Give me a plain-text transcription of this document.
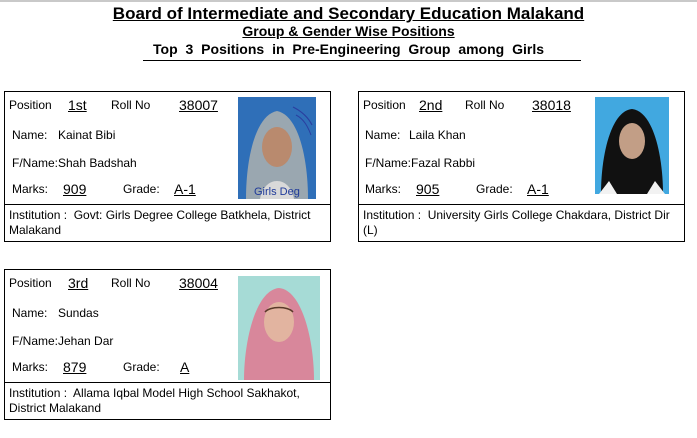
Board of Intermediate and Secondary Education Malakand
Group & Gender Wise Positions
Top 3 Positions in Pre-Engineering Group among Girls
Position 1st Roll No 38007
Name: Kainat Bibi
F/Name: Shah Badshah
Marks: 909	Grade: A-1	Girls Deg
Institution : Govt: Girls Degree College Batkhela, District Malakand
Position 2nd Roll No 38018
Name: Laila Khan
F/Name: Fazal Rabbi
Marks: 905	Grade: A-1
Institution : University Girls College Chakdara, District Dir (L)
Position 3rd Roll No 38004
Name: Sundas
F/Name: Jehan Dar
Marks: 879	Grade: A
Institution : Allama Iqbal Model High School Sakhakot, District Malakand
